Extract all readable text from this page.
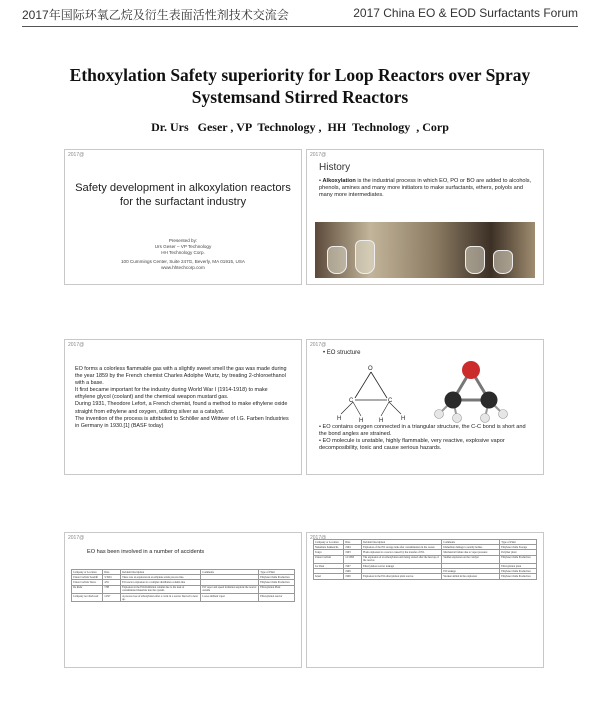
2017年国际环氧乙烷及衍生表面活性剂技术交流会	2017 China EO & EOD Surfactants Forum
Ethoxylation Safety superiority for Loop Reactors over Spray
Systemsand Stirred Reactors
Dr. Urs   Geser , VP  Technology ,  HH  Technology  , Corp
2017@
Safety development in alkoxylation reactors for the surfactant industry
Presented by:
Urs Geser – VP Technology
HH Technology Corp.
100 Cummings Center, Suite 247G, Beverly, MA 01915, USA
www.hhtechcorp.com
2017@
History
• Alkoxylation is the industrial process in which EO, PO or BO are added to alcohols, phenols, amines and many more initiators to make surfactants, ethers, polyols and many more intermediates.
2017@

EO forms a colorless flammable gas with a slightly sweet smell the gas was made during the year 1859 by the French chemist Charles Adolphe Wurtz, by treating 2-chloroethanol with a base.

It first became important for the industry during World War I (1914-1918) to make ethylene glycol (coolant) and the chemical weapon mustard gas.

During 1931, Theodore Lefort, a French chemist, found a method to make ethylene oxide straight from ethylene and oxygen, utilizing silver as a catalyst.

The invention of the process is attributed to Schöller and Wittwer of I.G. Farben Industries in Germany in 1930.[1] (BASF today)

2017@
• EO structure
O
C	C
H	H	H
H
• EO contains oxygen connected in a triangular structure, the C-C bond is short and the bond angles are strained.
• EO molecule is unstable, highly flammable, very reactive, explosive vapor decomposibility, toxic and cause serious hazards.
2017@
EO has been involved in a number of accidents
Company or Location	Date	Incident Description	Comments	Type of Plant
Union Carbide Seadrift	3/1991	There was an explosion in an ethylene oxide process line.		Ethylene Oxide Production
Union Carbide Texas	4/91	EO reactor explosion in a complex distillation column line		Ethylene Oxide Production
De Ruhr	7/88	Explosion in the EO/distillation column due to the leak of contaminated materials into the system.	EO vapor and speed formation explode the reactor outside	Ethoxylation Plant
Company not disclosed	12/97	A process loss of ethoxylation after a crack in a reactor line led to heat up.	Loose ambient vapor	Ethoxylation reactor
2017@
Company or Location	Date	Incident Description	Comments	Type of Plant
Nakamura Kakkaicha	1994	Explosion of the EO storage tank after contamination in the vessel.	Immediate damage to nearby homes	Ethylene Oxide Storage
Tokyo	1993	Flash explosion in a reactor caused by the transfer of EO.	Mechanical failure due to vapor pressure	Polymer plant
Union Carbide	12/1993	The explosion of an ethoxylation unit being started after the heat up of the reactor.	Sudden explosion on the catalyst	Ethylene Oxide Production
Lu Shan	1997	Ethoxylation reactor leakage		Ethoxylation plant
	1999		EO leakage	Ethylene Oxide Production
Israel	1999	Explosion in the EO ethoxylation plant reactor.	Workers killed in the explosion	Ethylene Oxide Production
